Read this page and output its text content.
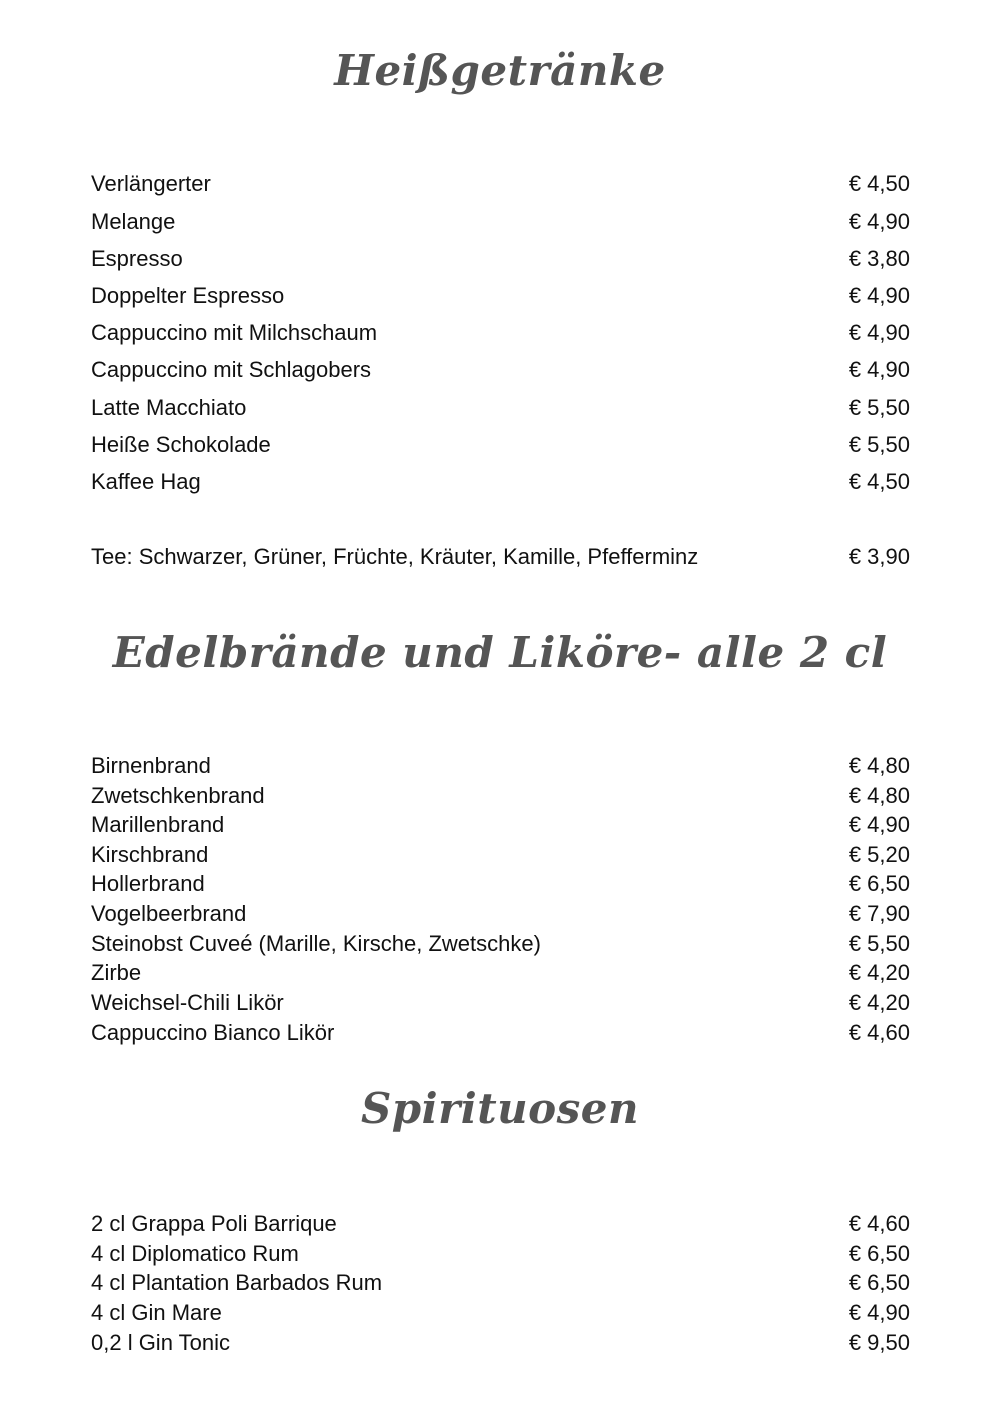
Heißgetränke
Verlängerter	€ 4,50
Melange	€ 4,90
Espresso	€ 3,80
Doppelter Espresso	€ 4,90
Cappuccino mit Milchschaum	€ 4,90
Cappuccino mit Schlagobers	€ 4,90
Latte Macchiato	€ 5,50
Heiße Schokolade	€ 5,50
Kaffee Hag	€ 4,50
Tee: Schwarzer, Grüner, Früchte, Kräuter, Kamille, Pfefferminz	€ 3,90
Edelbrände und Liköre- alle 2 cl
Birnenbrand	€ 4,80
Zwetschkenbrand	€ 4,80
Marillenbrand	€ 4,90
Kirschbrand	€ 5,20
Hollerbrand	€ 6,50
Vogelbeerbrand	€ 7,90
Steinobst Cuveé (Marille, Kirsche, Zwetschke)	€ 5,50
Zirbe	€ 4,20
Weichsel-Chili Likör	€ 4,20
Cappuccino Bianco Likör	€ 4,60
Spirituosen
2 cl Grappa Poli Barrique	€ 4,60
4 cl Diplomatico Rum	€ 6,50
4 cl Plantation Barbados Rum	€ 6,50
4 cl Gin Mare	€ 4,90
0,2 l Gin Tonic	€ 9,50
